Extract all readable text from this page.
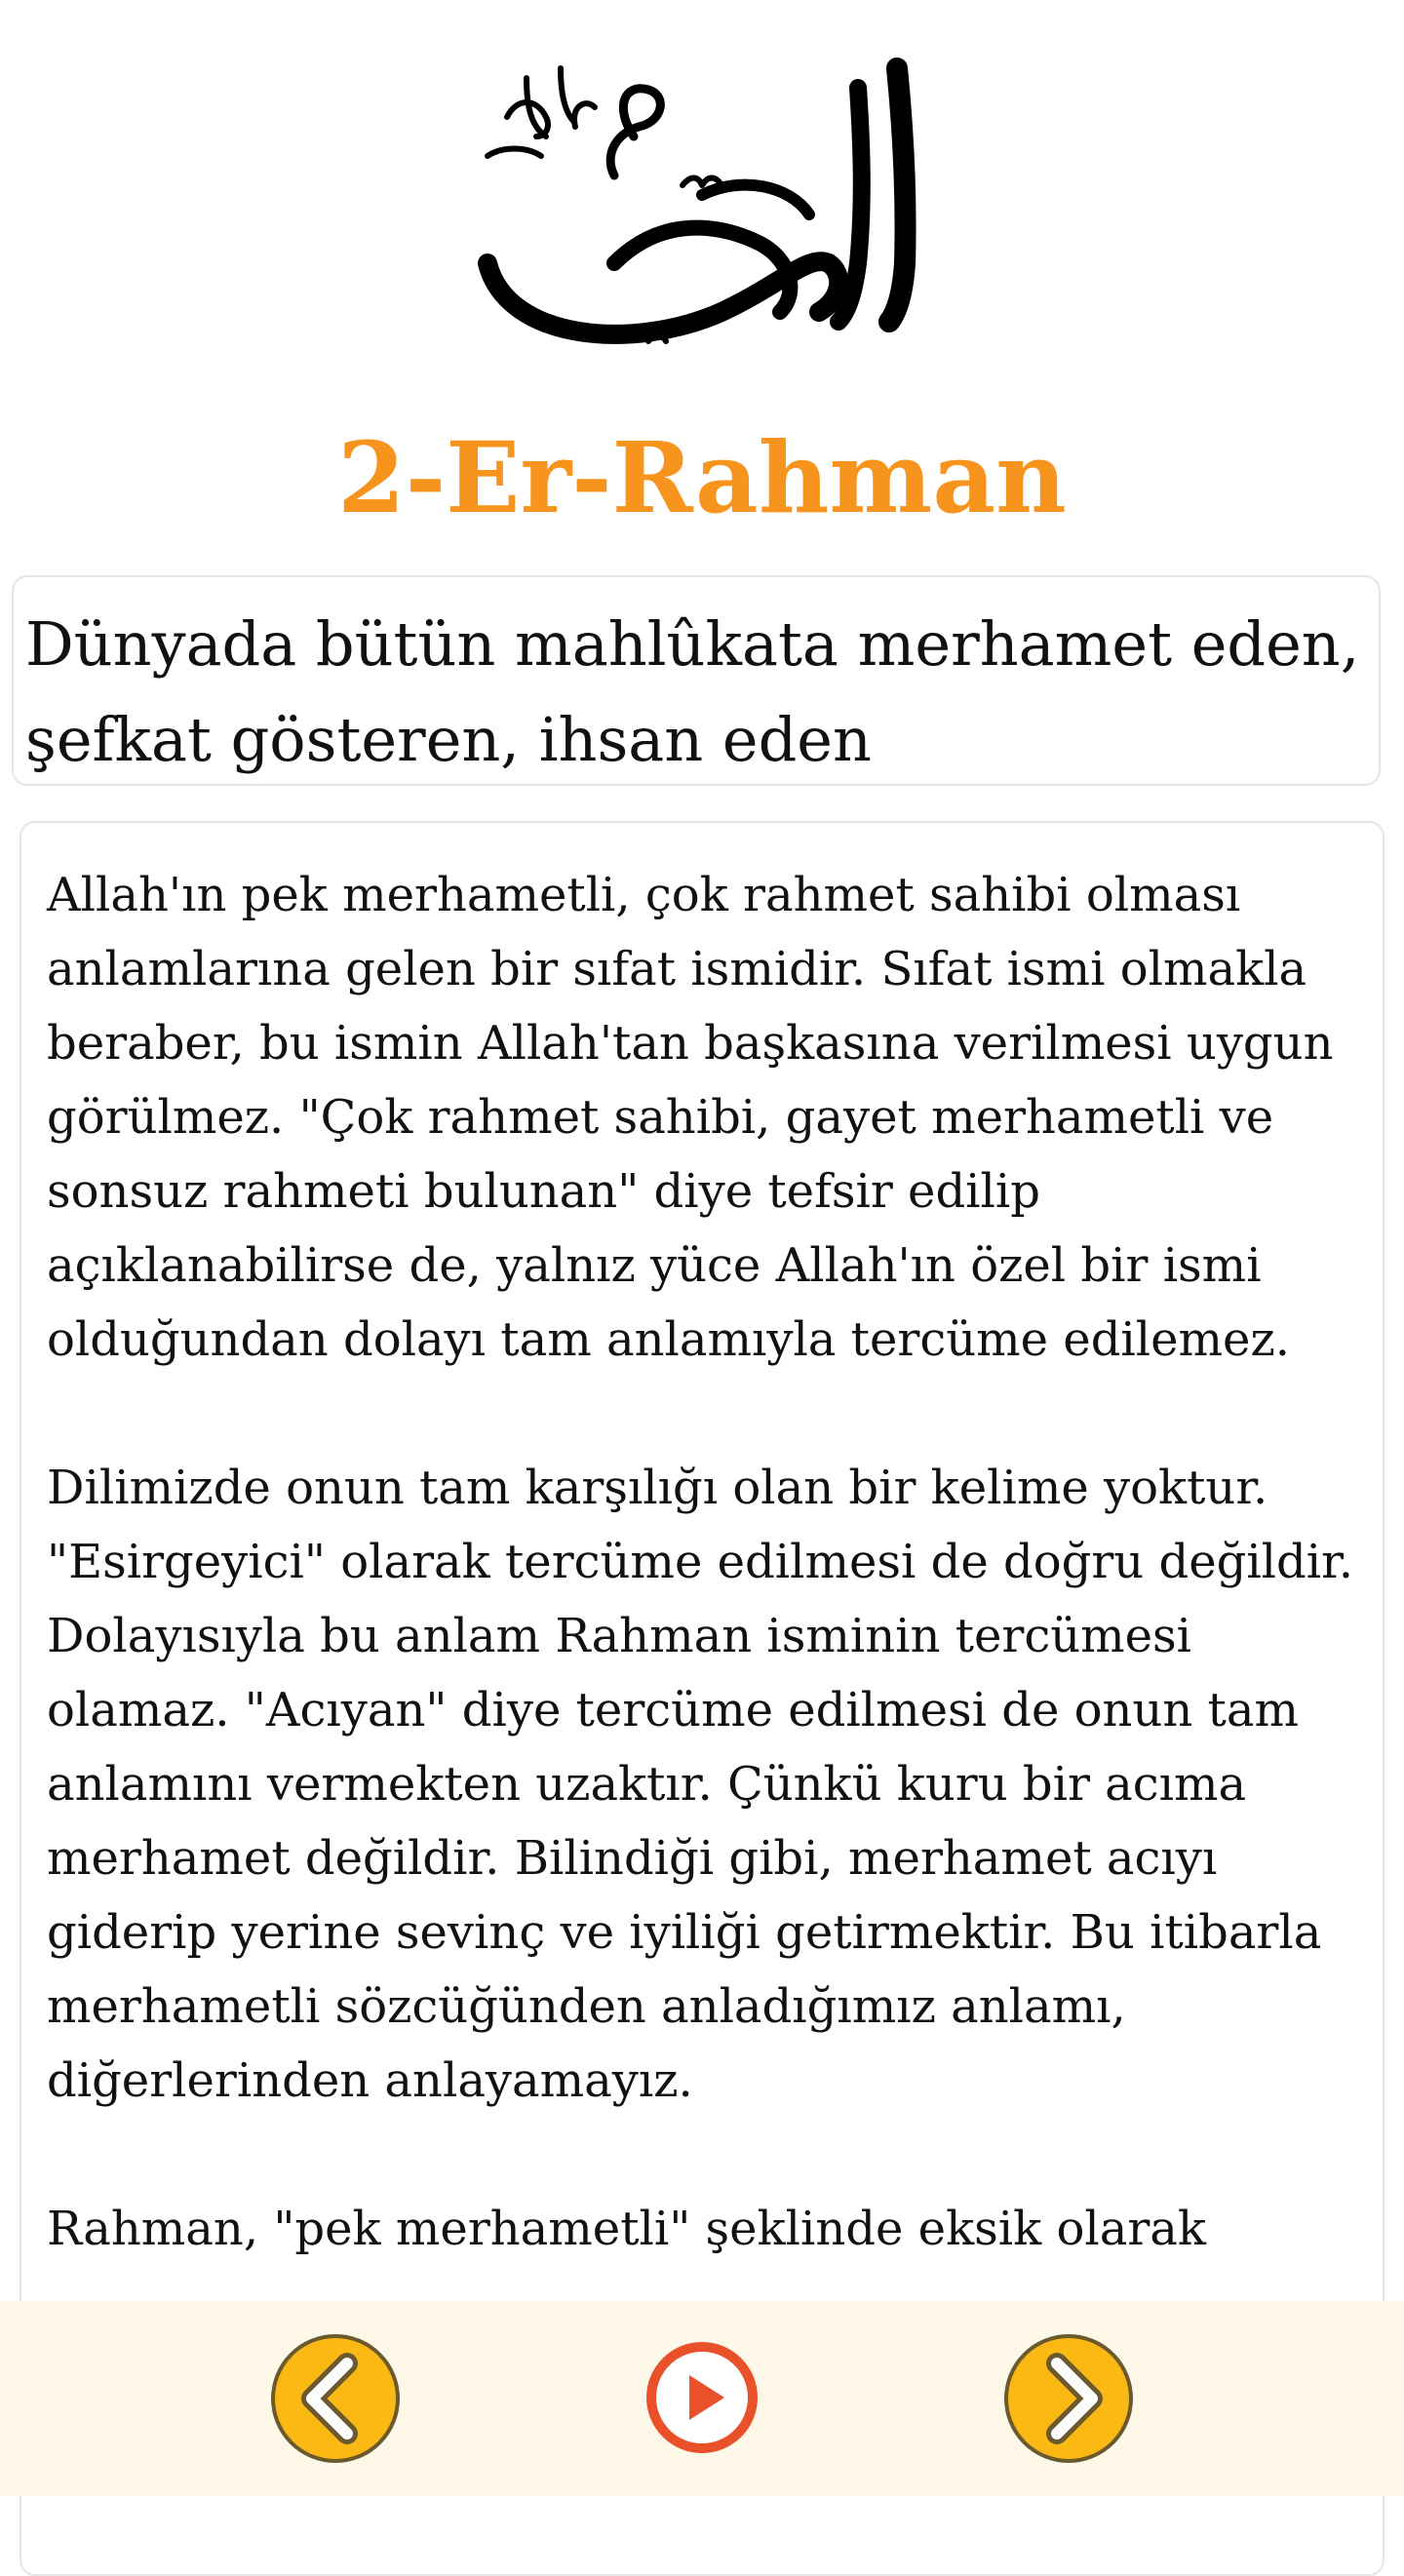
2-Er-Rahman
Dünyada bütün mahlûkata merhamet eden, şefkat gösteren, ihsan eden

Allah'ın pek merhametli, çok rahmet sahibi olması anlamlarına gelen bir sıfat ismidir. Sıfat ismi olmakla beraber, bu ismin Allah'tan başkasına verilmesi uygun görülmez. "Çok rahmet sahibi, gayet merhametli ve sonsuz rahmeti bulunan" diye tefsir edilip açıklanabilirse de, yalnız yüce Allah'ın özel bir ismi olduğundan dolayı tam anlamıyla tercüme edilemez.

Dilimizde onun tam karşılığı olan bir kelime yoktur. "Esirgeyici" olarak tercüme edilmesi de doğru değildir. Dolayısıyla bu anlam Rahman isminin tercümesi olamaz. "Acıyan" diye tercüme edilmesi de onun tam anlamını vermekten uzaktır. Çünkü kuru bir acıma merhamet değildir. Bilindiği gibi, merhamet acıyı giderip yerine sevinç ve iyiliği getirmektir. Bu itibarla merhametli sözcüğünden anladığımız anlamı, diğerlerinden anlayamayız.

Rahman, "pek merhametli" şeklinde eksik olarak
